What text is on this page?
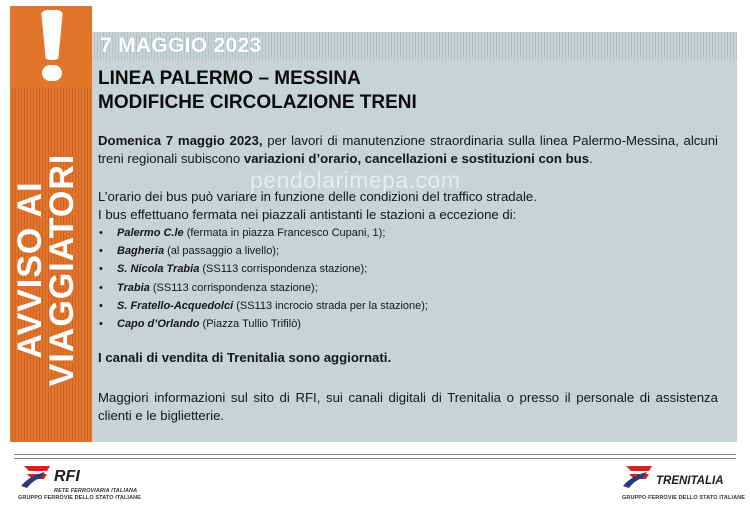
AVVISO AI
VIAGGIATORI
7 MAGGIO 2023
LINEA PALERMO – MESSINA
MODIFICHE CIRCOLAZIONE TRENI
pendolarimepa.com

Domenica 7 maggio 2023, per lavori di manutenzione straordinaria sulla linea Palermo-Messina, alcuni treni regionali subiscono variazioni d’orario, cancellazioni e sostituzioni con bus.

L’orario dei bus può variare in funzione delle condizioni del traffico stradale.

I bus effettuano fermata nei piazzali antistanti le stazioni a eccezione di:

• Palermo C.le (fermata in piazza Francesco Cupani, 1);
• Bagheria (al passaggio a livello);
• S. Nicola Trabia (SS113 corrispondenza stazione);
• Trabia (SS113 corrispondenza stazione);
• S. Fratello-Acquedolci (SS113 incrocio strada per la stazione);
• Capo d’Orlando (Piazza Tullio Trifilò)

I canali di vendita di Trenitalia sono aggiornati.

Maggiori informazioni sul sito di RFI, sui canali digitali di Trenitalia o presso il personale di assistenza clienti e le biglietterie.

RFI
RETE FERROVIARIA ITALIANA
GRUPPO FERROVIE DELLO STATO ITALIANE
TRENITALIA
GRUPPO FERROVIE DELLO STATO ITALIANE
